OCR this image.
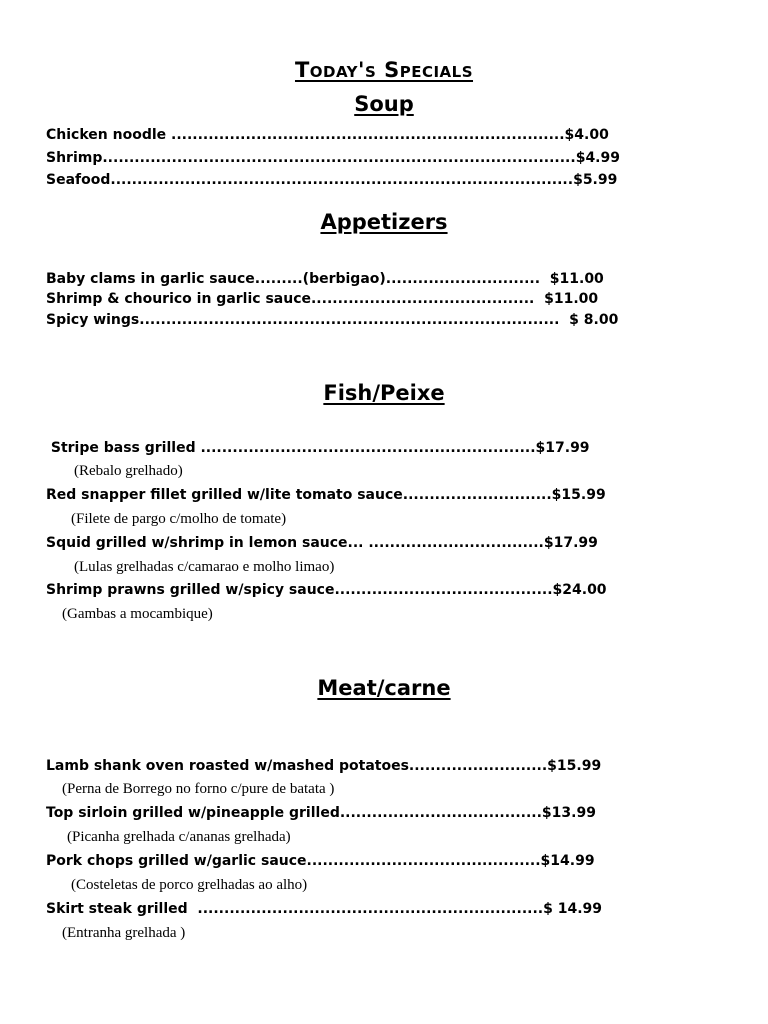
Today's Specials
Soup
Chicken noodle ..........................................................................$4.00
Shrimp.........................................................................................$4.99
Seafood.......................................................................................$5.99
Appetizers
Baby clams in garlic sauce.........(berbigao).............................  $11.00
Shrimp & chourico in garlic sauce..........................................  $11.00
Spicy wings...............................................................................  $ 8.00
Fish/Peixe
Stripe bass grilled ...............................................................$17.99
(Rebalo grelhado)
Red snapper fillet grilled w/lite tomato sauce............................$15.99
(Filete de pargo c/molho de tomate)
Squid grilled w/shrimp in lemon sauce... .................................$17.99
(Lulas grelhadas c/camarao e molho limao)
Shrimp prawns grilled w/spicy sauce.........................................$24.00
(Gambas a mocambique)
Meat/carne
Lamb shank oven roasted w/mashed potatoes..........................$15.99
(Perna de Borrego no forno c/pure de batata )
Top sirloin grilled w/pineapple grilled......................................$13.99
(Picanha grelhada c/ananas grelhada)
Pork chops grilled w/garlic sauce............................................$14.99
(Costeletas de porco grelhadas ao alho)
Skirt steak grilled  .................................................................$ 14.99
(Entranha grelhada )
